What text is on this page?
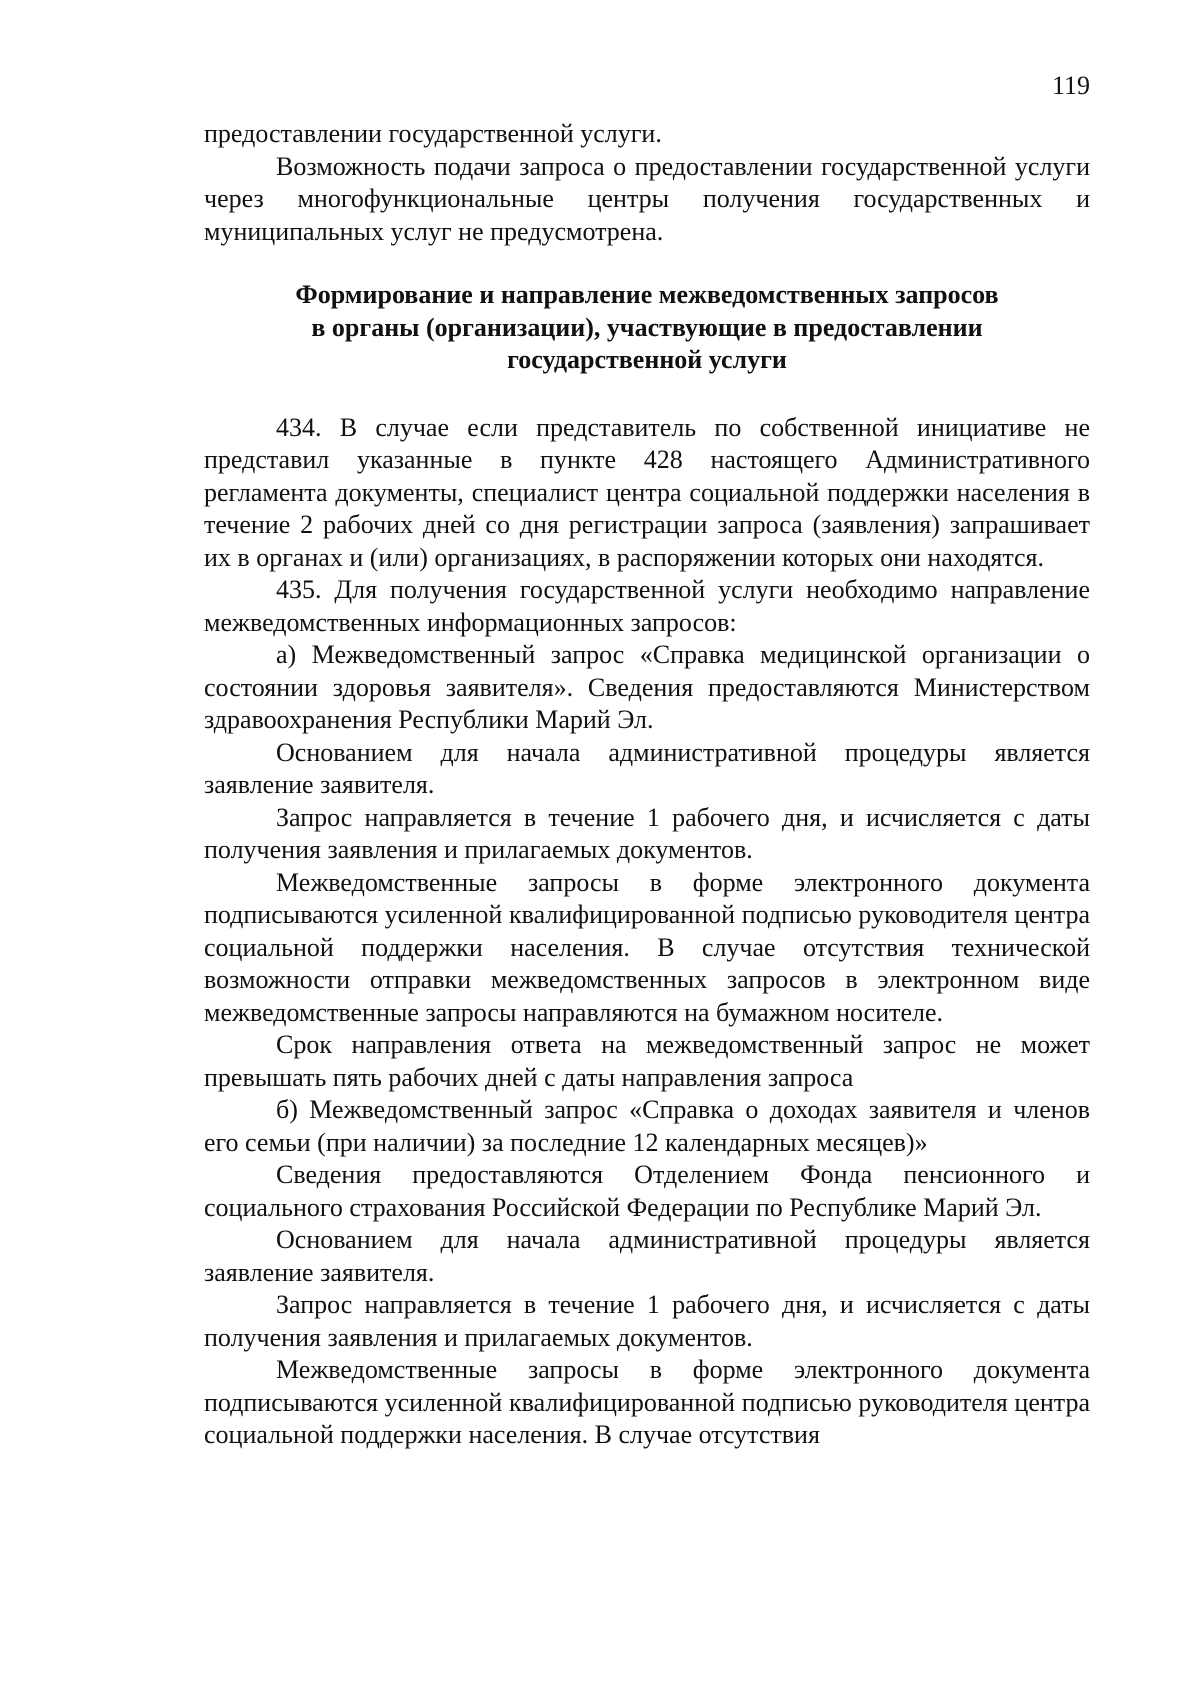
119

предоставлении государственной услуги.

Возможность подачи запроса о предоставлении государственной услуги через многофункциональные центры получения государственных и муниципальных услуг не предусмотрена.

Формирование и направление межведомственных запросов
в органы (организации), участвующие в предоставлении
государственной услуги

434. В случае если представитель по собственной инициативе не представил указанные в пункте 428 настоящего Административного регламента документы, специалист центра социальной поддержки населения в течение 2 рабочих дней со дня регистрации запроса (заявления) запрашивает их в органах и (или) организациях, в распоряжении которых они находятся.

435. Для получения государственной услуги необходимо направление межведомственных информационных запросов:

а) Межведомственный запрос «Справка медицинской организации о состоянии здоровья заявителя». Сведения предоставляются Министерством здравоохранения Республики Марий Эл.

Основанием для начала административной процедуры является заявление заявителя.

Запрос направляется в течение 1 рабочего дня, и исчисляется с даты получения заявления и прилагаемых документов.

Межведомственные запросы в форме электронного документа подписываются усиленной квалифицированной подписью руководителя центра социальной поддержки населения. В случае отсутствия технической возможности отправки межведомственных запросов в электронном виде межведомственные запросы направляются на бумажном носителе.

Срок направления ответа на межведомственный запрос не может превышать пять рабочих дней с даты направления запроса

б) Межведомственный запрос «Справка о доходах заявителя и членов его семьи (при наличии) за последние 12 календарных месяцев)»

Сведения предоставляются Отделением Фонда пенсионного и социального страхования Российской Федерации по Республике Марий Эл.

Основанием для начала административной процедуры является заявление заявителя.

Запрос направляется в течение 1 рабочего дня, и исчисляется с даты получения заявления и прилагаемых документов.

Межведомственные запросы в форме электронного документа подписываются усиленной квалифицированной подписью руководителя центра социальной поддержки населения. В случае отсутствия
